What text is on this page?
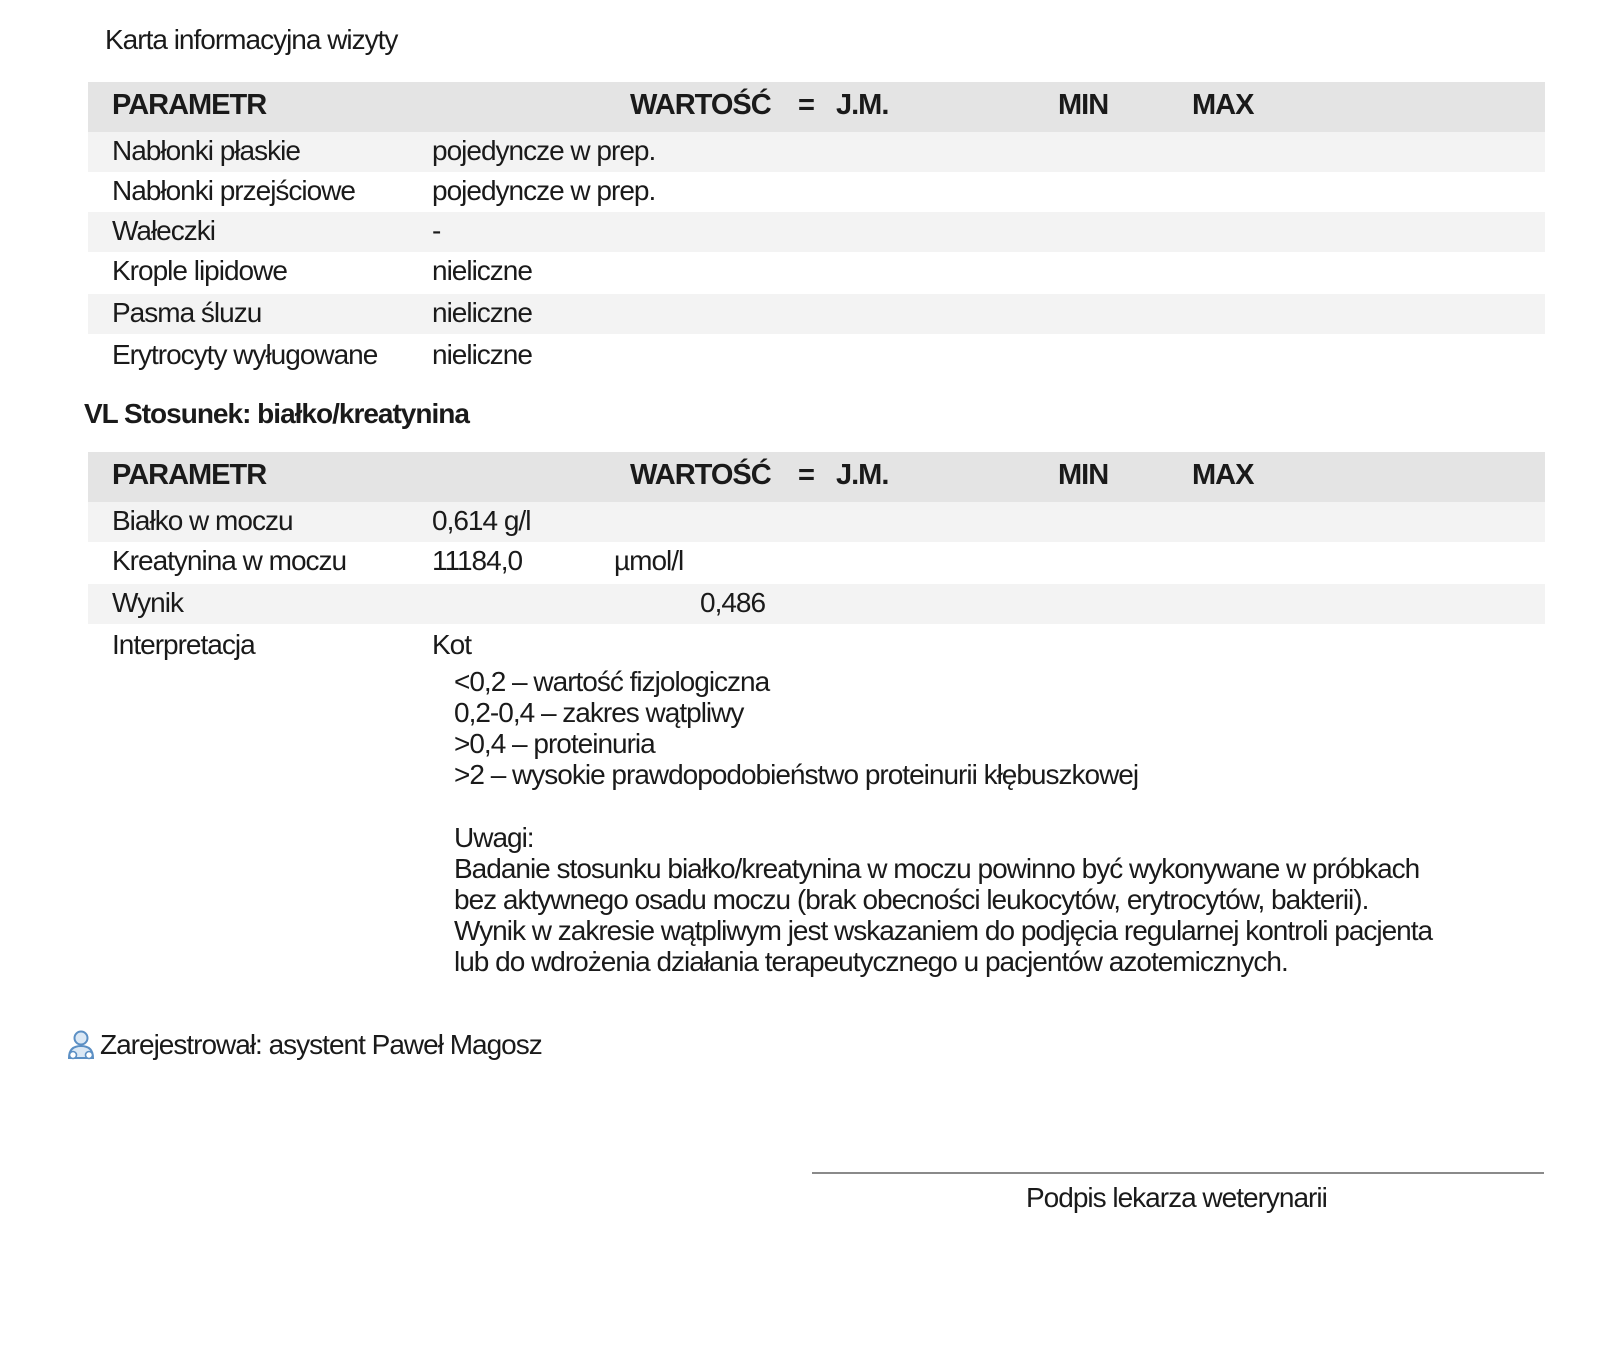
Karta informacyjna wizyty
PARAMETR	WARTOŚĆ = J.M.	MIN	MAX
Nabłonki płaskie	pojedyncze w prep.
Nabłonki przejściowe	pojedyncze w prep.
Wałeczki	-
Krople lipidowe	nieliczne
Pasma śluzu	nieliczne
Erytrocyty wyługowane nieliczne
VL Stosunek: białko/kreatynina
PARAMETR	WARTOŚĆ = J.M.	MIN	MAX
Białko w moczu	0,614 g/l
Kreatynina w moczu	11184,0	µmol/l
Wynik	0,486
Interpretacja	Kot
<0,2 – wartość fizjologiczna
0,2-0,4 – zakres wątpliwy
>0,4 – proteinuria
>2 – wysokie prawdopodobieństwo proteinurii kłębuszkowej
Uwagi:
Badanie stosunku białko/kreatynina w moczu powinno być wykonywane w próbkach
bez aktywnego osadu moczu (brak obecności leukocytów, erytrocytów, bakterii).
Wynik w zakresie wątpliwym jest wskazaniem do podjęcia regularnej kontroli pacjenta
lub do wdrożenia działania terapeutycznego u pacjentów azotemicznych.
Zarejestrował: asystent Paweł Magosz
Podpis lekarza weterynarii
